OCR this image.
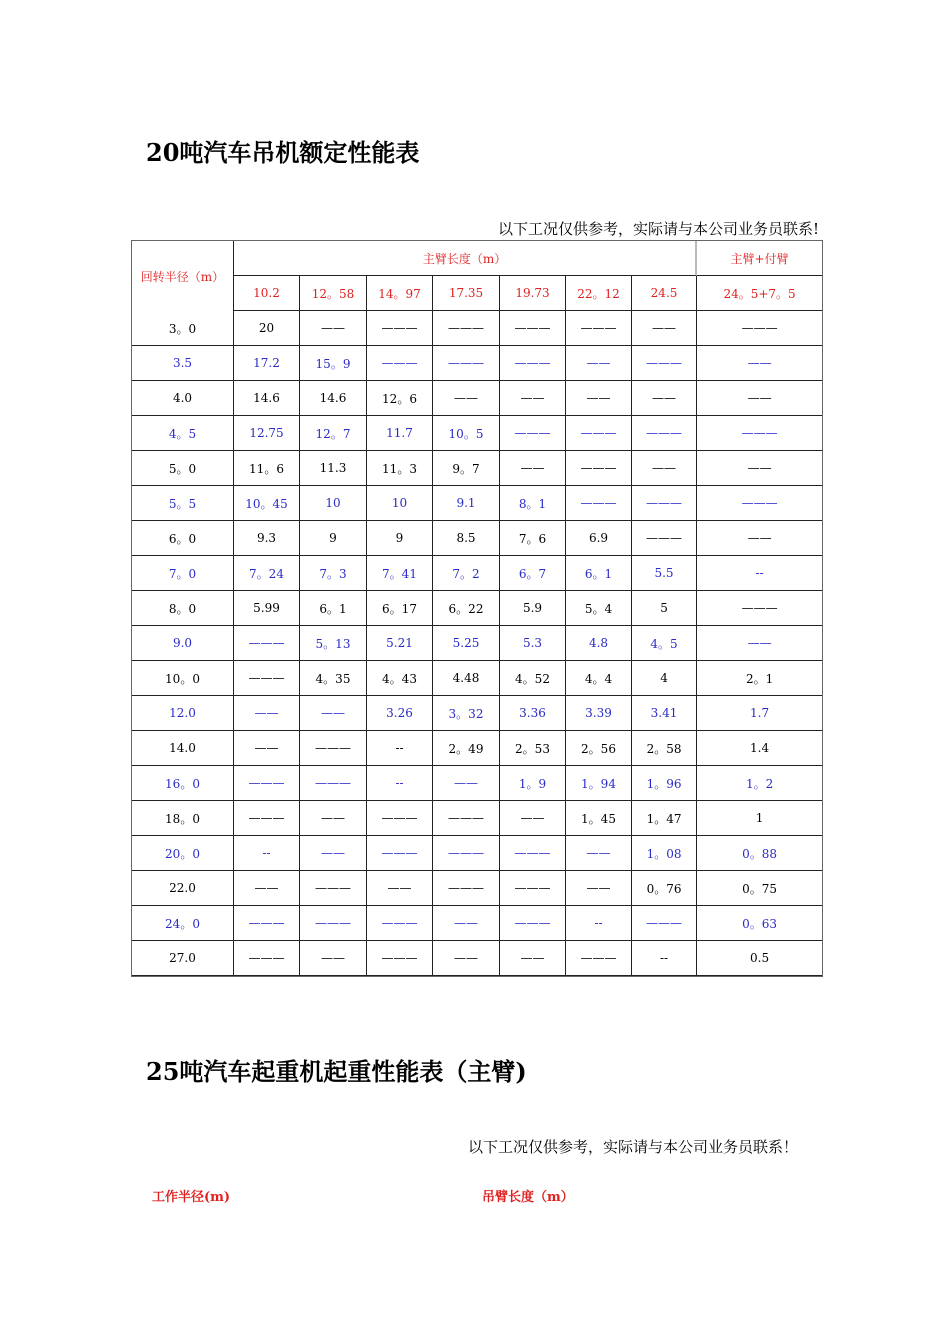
20吨汽车吊机额定性能表
以下工况仅供参考，实际请与本公司业务员联系!
回转半径（m）	主臂长度（m）							主臂+付臂
	10.2	12。58	14。97	17.35	19.73	22。12	24.5	24。5+7。5
3。0	20	——	———	———	———	———	——	———
3.5	17.2	15。9	———	———	———	——	———	——
4.0	14.6	14.6	12。6	——	——	——	——	——
4。5	12.75	12。7	11.7	10。5	———	———	———	———
5。0	11。6	11.3	11。3	9。7	——	———	——	——
5。5	10。45	10	10	9.1	8。1	———	———	———
6。0	9.3	9	9	8.5	7。6	6.9	———	——
7。0	7。24	7。3	7。41	7。2	6。7	6。1	5.5	--
8。0	5.99	6。1	6。17	6。22	5.9	5。4	5	———
9.0	———	5。13	5.21	5.25	5.3	4.8	4。5	——
10。0	———	4。35	4。43	4.48	4。52	4。4	4	2。1
12.0	——	——	3.26	3。32	3.36	3.39	3.41	1.7
14.0	——	———	--	2。49	2。53	2。56	2。58	1.4
16。0	———	———	--	——	1。9	1。94	1。96	1。2
18。0	———	——	———	———	——	1。45	1。47	1
20。0	--	——	———	———	———	——	1。08	0。88
22.0	——	———	——	———	———	——	0。76	0。75
24。0	———	———	———	——	———	--	———	0。63
27.0	———	——	———	——	——	———	--	0.5
25吨汽车起重机起重性能表（主臂)
以下工况仅供参考，实际请与本公司业务员联系！
工作半径(m)	吊臂长度（m）
